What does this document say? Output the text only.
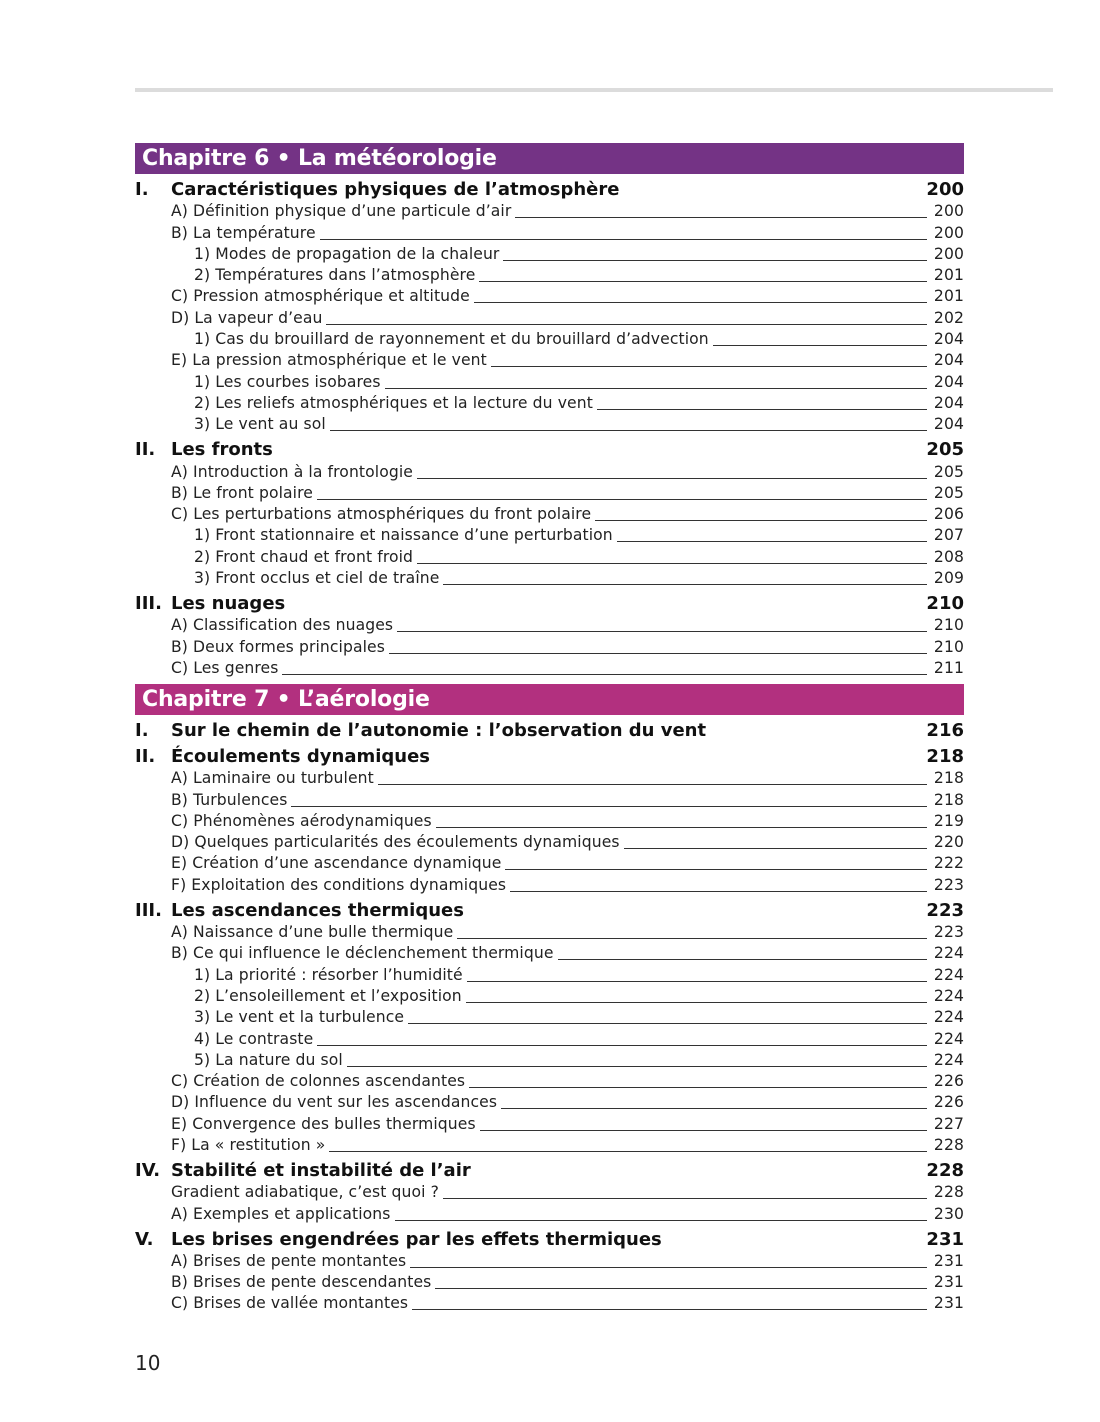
Chapitre 6 • La météorologie
I.	Caractéristiques physiques de l’atmosphère	200
A) Définition physique d’une particule d’air	200
B) La température	200
1) Modes de propagation de la chaleur	200
2) Températures dans l’atmosphère	201
C) Pression atmosphérique et altitude	201
D) La vapeur d’eau	202
1) Cas du brouillard de rayonnement et du brouillard d’advection	204
E) La pression atmosphérique et le vent	204
1) Les courbes isobares	204
2) Les reliefs atmosphériques et la lecture du vent	204
3) Le vent au sol	204
II. Les fronts	205
A) Introduction à la frontologie	205
B) Le front polaire	205
C) Les perturbations atmosphériques du front polaire	206
1) Front stationnaire et naissance d’une perturbation	207
2) Front chaud et front froid	208
3) Front occlus et ciel de traîne	209
III. Les nuages	210
A) Classification des nuages	210
B) Deux formes principales	210
C) Les genres	211
Chapitre 7 • L’aérologie
I.	Sur le chemin de l’autonomie : l’observation du vent	216
II. Écoulements dynamiques	218
A) Laminaire ou turbulent	218
B) Turbulences	218
C) Phénomènes aérodynamiques	219
D) Quelques particularités des écoulements dynamiques	220
E) Création d’une ascendance dynamique	222
F) Exploitation des conditions dynamiques	223
III. Les ascendances thermiques	223
A) Naissance d’une bulle thermique	223
B) Ce qui influence le déclenchement thermique	224
1) La priorité : résorber l’humidité	224
2) L’ensoleillement et l’exposition	224
3) Le vent et la turbulence	224
4) Le contraste	224
5) La nature du sol	224
C) Création de colonnes ascendantes	226
D) Influence du vent sur les ascendances	226
E) Convergence des bulles thermiques	227
F) La « restitution »	228
IV. Stabilité et instabilité de l’air	228
Gradient adiabatique, c’est quoi ?	228
A) Exemples et applications	230
V. Les brises engendrées par les effets thermiques	231
A) Brises de pente montantes	231
B) Brises de pente descendantes	231
C) Brises de vallée montantes	231
10
